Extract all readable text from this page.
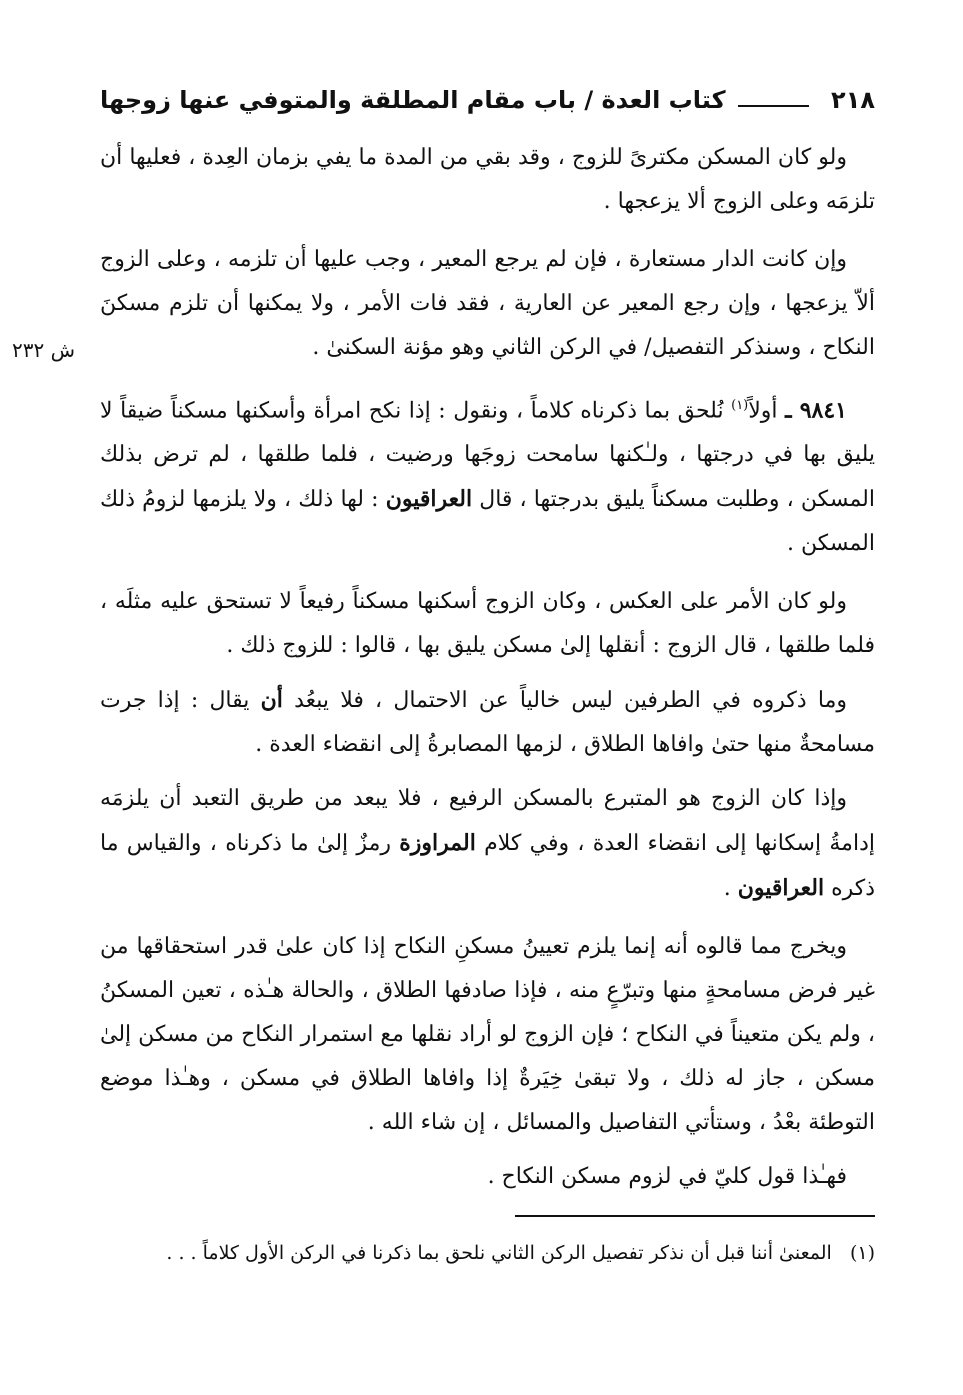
٢١٨
كتاب العدة / باب مقام المطلقة والمتوفي عنها زوجها
ش ٢٣٢

ولو كان المسكن مكترىً للزوج ، وقد بقي من المدة ما يفي بزمان العِدة ، فعليها أن تلزمَه وعلى الزوج ألا يزعجها .

وإن كانت الدار مستعارة ، فإن لم يرجع المعير ، وجب عليها أن تلزمه ، وعلى الزوج ألاّ يزعجها ، وإن رجع المعير عن العارية ، فقد فات الأمر ، ولا يمكنها أن تلزم مسكنَ النكاح ، وسنذكر التفصيل/ في الركن الثاني وهو مؤنة السكنىٰ .

٩٨٤١ ـ أولاً$^{(١)}$ نُلحق بما ذكرناه كلاماً ، ونقول : إذا نكح امرأة وأسكنها مسكناً ضيقاً لا يليق بها في درجتها ، ولـٰكنها سامحت زوجَها ورضيت ، فلما طلقها ، لم ترض بذلك المسكن ، وطلبت مسكناً يليق بدرجتها ، قال العراقيون : لها ذلك ، ولا يلزمها لزومُ ذلك المسكن .

ولو كان الأمر على العكس ، وكان الزوج أسكنها مسكناً رفيعاً لا تستحق عليه مثلَه ، فلما طلقها ، قال الزوج : أنقلها إلىٰ مسكن يليق بها ، قالوا : للزوج ذلك .

وما ذكروه في الطرفين ليس خالياً عن الاحتمال ، فلا يبعُد أن يقال : إذا جرت مسامحةٌ منها حتىٰ وافاها الطلاق ، لزمها المصابرةُ إلى انقضاء العدة .

وإذا كان الزوج هو المتبرع بالمسكن الرفيع ، فلا يبعد من طريق التعبد أن يلزمَه إدامةُ إسكانها إلى انقضاء العدة ، وفي كلام المراوزة رمزٌ إلىٰ ما ذكرناه ، والقياس ما ذكره العراقيون .

ويخرج مما قالوه أنه إنما يلزم تعيينُ مسكنِ النكاح إذا كان علىٰ قدر استحقاقها من غير فرض مسامحةٍ منها وتبرّعٍ منه ، فإذا صادفها الطلاق ، والحالة هـٰذه ، تعين المسكنُ ، ولم يكن متعيناً في النكاح ؛ فإن الزوج لو أراد نقلها مع استمرار النكاح من مسكن إلىٰ مسكن ، جاز له ذلك ، ولا تبقىٰ خِيَرةٌ إذا وافاها الطلاق في مسكن ، وهـٰذا موضع التوطئة بعْدُ ، وستأتي التفاصيل والمسائل ، إن شاء الله .

فهـٰذا قول كليّ في لزوم مسكن النكاح .

(١)   المعنىٰ أننا قبل أن نذكر تفصيل الركن الثاني نلحق بما ذكرنا في الركن الأول كلاماً . . .
